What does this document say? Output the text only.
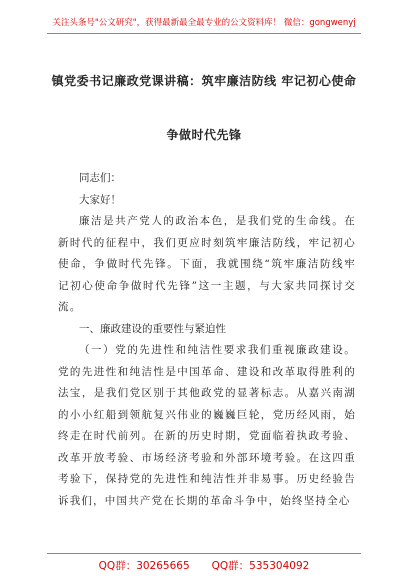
关注头条号"公文研究"，获得最新最全最专业的公文资料库！ 微信：gongwenyj
镇党委书记廉政党课讲稿：筑牢廉洁防线 牢记初心使命
争做时代先锋

同志们：

大家好！

廉洁是共产党人的政治本色，是我们党的生命线。在新时代的征程中，我们更应时刻筑牢廉洁防线，牢记初心使命，争做时代先锋。下面，我就围绕“筑牢廉洁防线牢记初心使命争做时代先锋”这一主题，与大家共同探讨交流。

一、廉政建设的重要性与紧迫性

（一）党的先进性和纯洁性要求我们重视廉政建设。党的先进性和纯洁性是中国革命、建设和改革取得胜利的法宝，是我们党区别于其他政党的显著标志。从嘉兴南湖的小小红船到领航复兴伟业的巍巍巨轮，党历经风雨，始终走在时代前列。在新的历史时期，党面临着执政考验、改革开放考验、市场经济考验和外部环境考验。在这四重考验下，保持党的先进性和纯洁性并非易事。历史经验告诉我们，中国共产党在长期的革命斗争中，始终坚持全心

QQ群：30265665 QQ群：535304092
